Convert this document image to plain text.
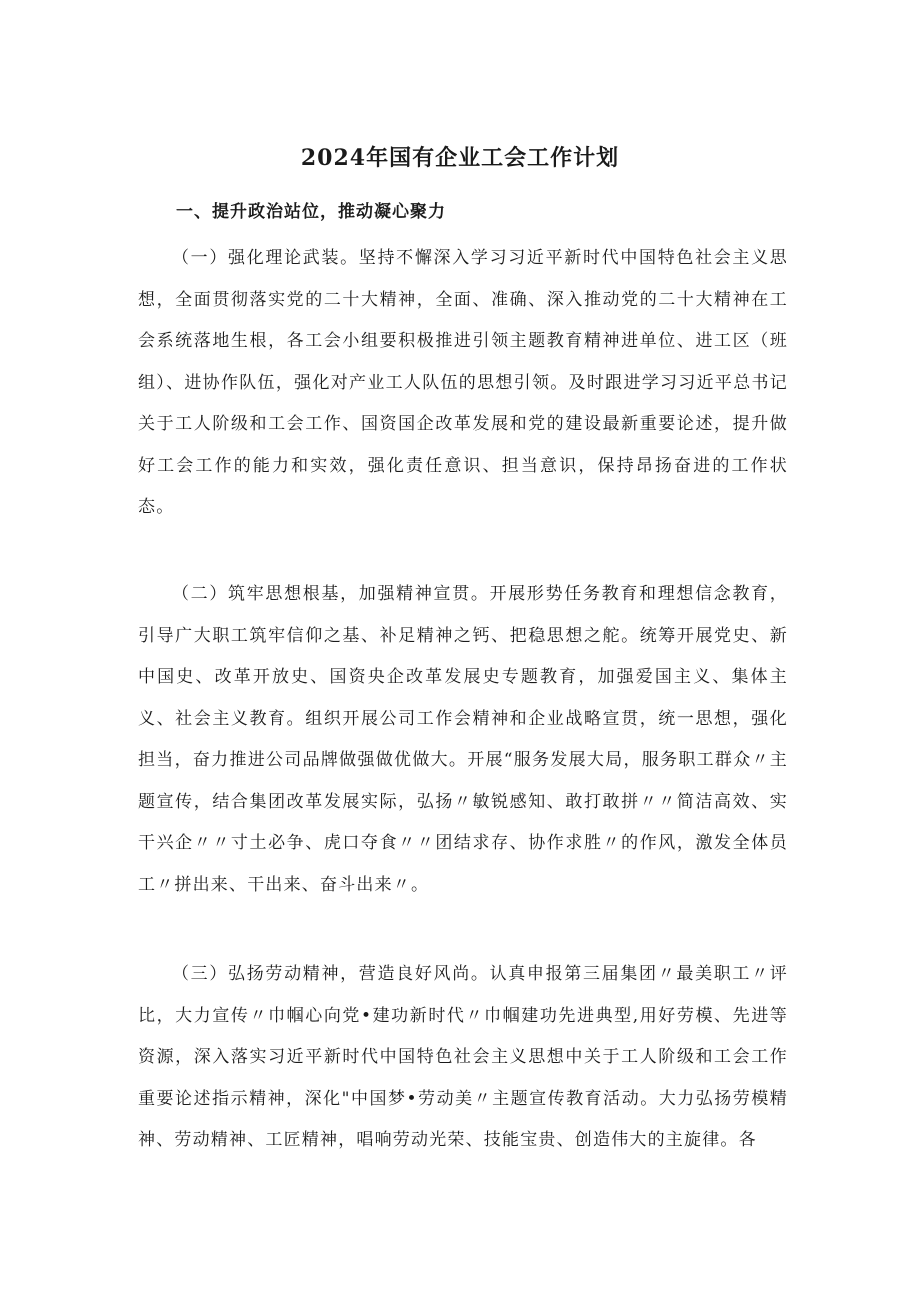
2024年国有企业工会工作计划
一、提升政治站位，推动凝心聚力

（一）强化理论武装。坚持不懈深入学习习近平新时代中国特色社会主义思想，全面贯彻落实党的二十大精神，全面、准确、深入推动党的二十大精神在工会系统落地生根，各工会小组要积极推进引领主题教育精神进单位、进工区（班组）、进协作队伍，强化对产业工人队伍的思想引领。及时跟进学习习近平总书记关于工人阶级和工会工作、国资国企改革发展和党的建设最新重要论述，提升做好工会工作的能力和实效，强化责任意识、担当意识，保持昂扬奋进的工作状态。

（二）筑牢思想根基，加强精神宣贯。开展形势任务教育和理想信念教育，引导广大职工筑牢信仰之基、补足精神之钙、把稳思想之舵。统筹开展党史、新中国史、改革开放史、国资央企改革发展史专题教育，加强爱国主义、集体主义、社会主义教育。组织开展公司工作会精神和企业战略宣贯，统一思想，强化担当，奋力推进公司品牌做强做优做大。开展“服务发展大局，服务职工群众〃主题宣传，结合集团改革发展实际，弘扬〃敏锐感知、敢打敢拼〃〃简洁高效、实干兴企〃〃寸土必争、虎口夺食〃〃团结求存、协作求胜〃的作风，激发全体员工〃拼出来、干出来、奋斗出来〃。

（三）弘扬劳动精神，营造良好风尚。认真申报第三届集团〃最美职工〃评比，大力宣传〃巾帼心向党•建功新时代〃巾帼建功先进典型,用好劳模、先进等资源，深入落实习近平新时代中国特色社会主义思想中关于工人阶级和工会工作重要论述指示精神，深化"中国梦•劳动美〃主题宣传教育活动。大力弘扬劳模精神、劳动精神、工匠精神，唱响劳动光荣、技能宝贵、创造伟大的主旋律。各
